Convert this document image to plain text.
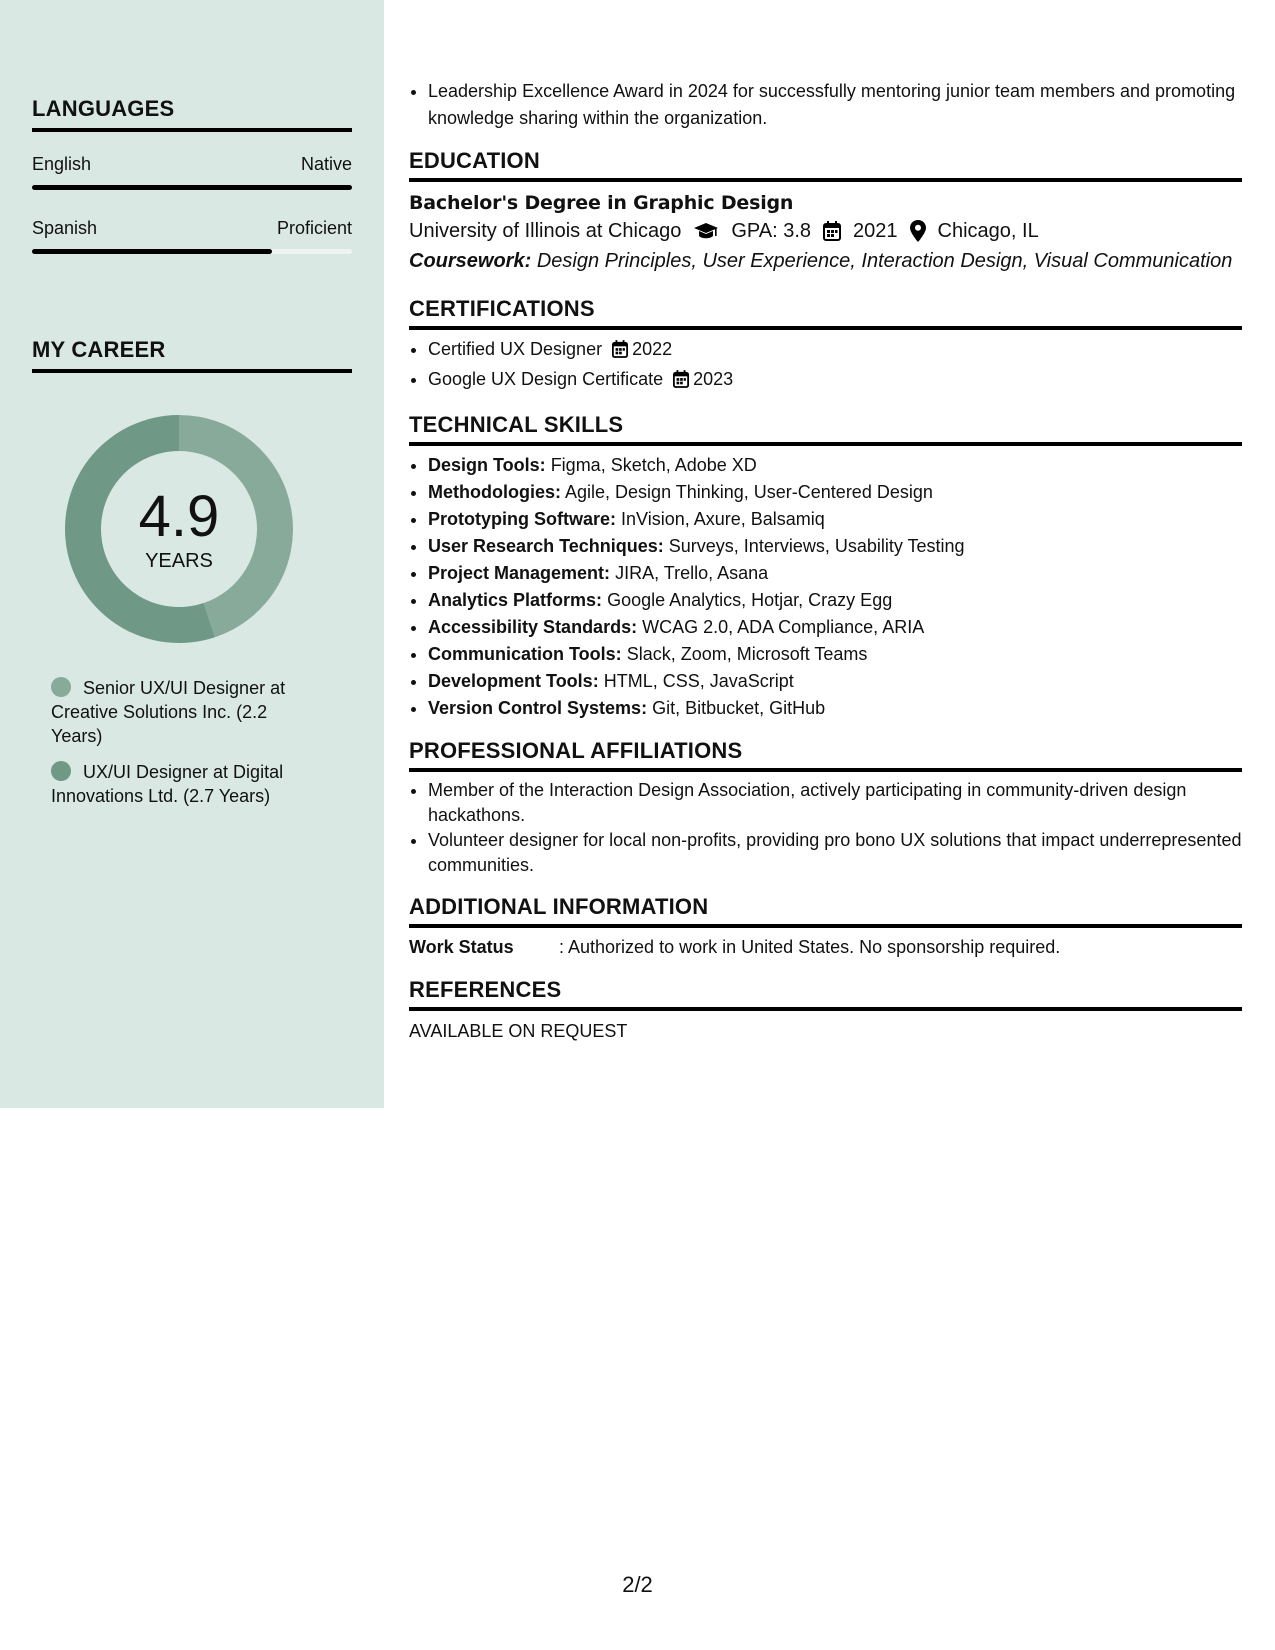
LANGUAGES
English	Native
Spanish	Proficient
MY CAREER
4.9
YEARS
Senior UX/UI Designer at Creative Solutions Inc. (2.2 Years)
UX/UI Designer at Digital Innovations Ltd. (2.7 Years)
• Leadership Excellence Award in 2024 for successfully mentoring junior team members and promoting knowledge sharing within the organization.
EDUCATION
Bachelor's Degree in Graphic Design
University of Illinois at Chicago	GPA: 3.8 2021 Chicago, IL
Coursework: Design Principles, User Experience, Interaction Design, Visual Communication
CERTIFICATIONS
• Certified UX Designer 2022
• Google UX Design Certificate 2023
TECHNICAL SKILLS
• Design Tools: Figma, Sketch, Adobe XD
• Methodologies: Agile, Design Thinking, User-Centered Design
• Prototyping Software: InVision, Axure, Balsamiq
• User Research Techniques: Surveys, Interviews, Usability Testing
• Project Management: JIRA, Trello, Asana
• Analytics Platforms: Google Analytics, Hotjar, Crazy Egg
• Accessibility Standards: WCAG 2.0, ADA Compliance, ARIA
• Communication Tools: Slack, Zoom, Microsoft Teams
• Development Tools: HTML, CSS, JavaScript
• Version Control Systems: Git, Bitbucket, GitHub
PROFESSIONAL AFFILIATIONS
• Member of the Interaction Design Association, actively participating in community-driven design hackathons.
• Volunteer designer for local non-profits, providing pro bono UX solutions that impact underrepresented communities.
ADDITIONAL INFORMATION
Work Status	: Authorized to work in United States. No sponsorship required.
REFERENCES
AVAILABLE ON REQUEST
2/2
